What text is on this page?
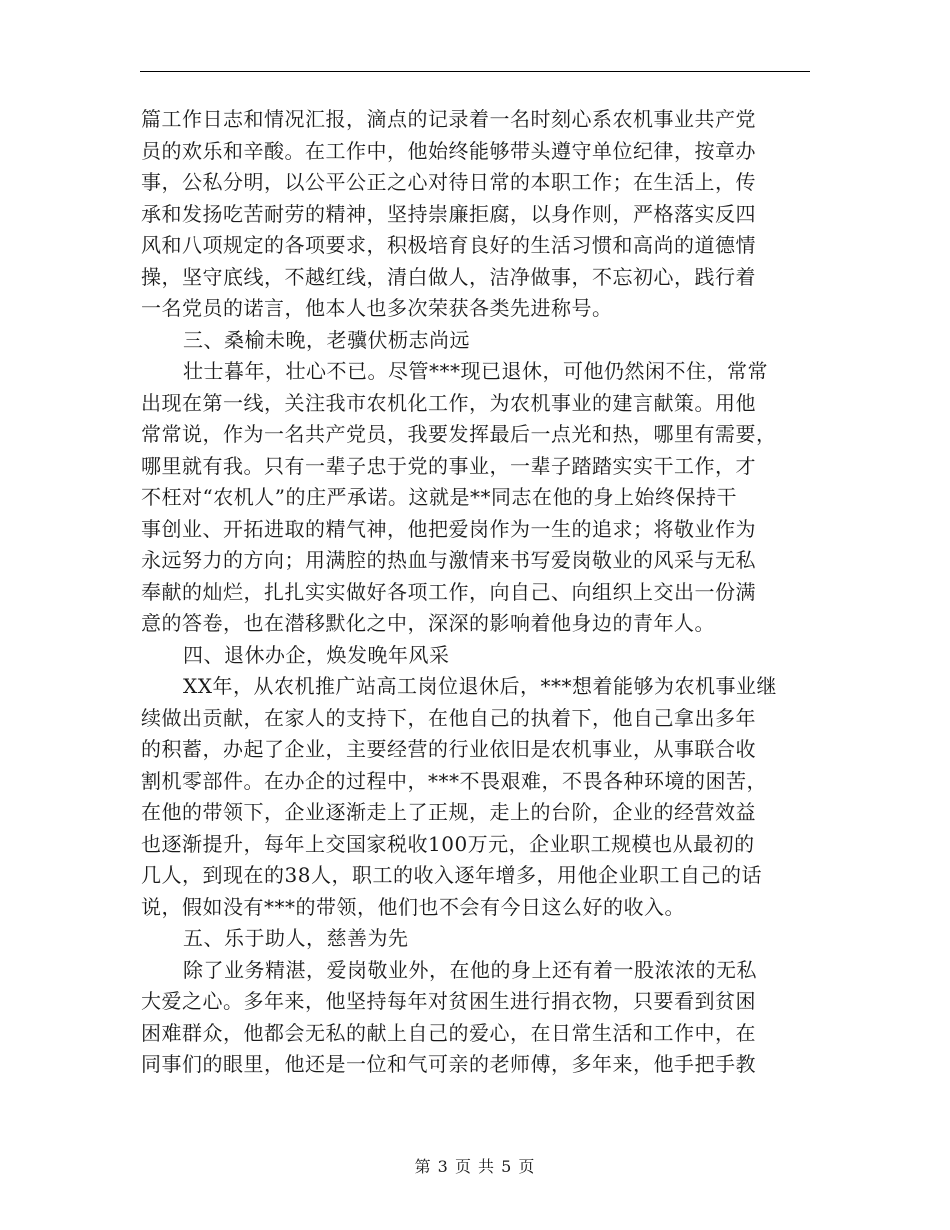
篇工作日志和情况汇报，滴点的记录着一名时刻心系农机事业共产党
员的欢乐和辛酸。在工作中，他始终能够带头遵守单位纪律，按章办
事，公私分明，以公平公正之心对待日常的本职工作；在生活上，传
承和发扬吃苦耐劳的精神，坚持崇廉拒腐，以身作则，严格落实反四
风和八项规定的各项要求，积极培育良好的生活习惯和高尚的道德情
操，坚守底线，不越红线，清白做人，洁净做事，不忘初心，践行着
一名党员的诺言，他本人也多次荣获各类先进称号。
三、桑榆未晚，老骥伏枥志尚远
壮士暮年，壮心不已。尽管***现已退休，可他仍然闲不住，常常
出现在第一线，关注我市农机化工作，为农机事业的建言献策。用他
常常说，作为一名共产党员，我要发挥最后一点光和热，哪里有需要，
哪里就有我。只有一辈子忠于党的事业，一辈子踏踏实实干工作，才
不枉对“农机人”的庄严承诺。这就是**同志在他的身上始终保持干
事创业、开拓进取的精气神，他把爱岗作为一生的追求；将敬业作为
永远努力的方向；用满腔的热血与激情来书写爱岗敬业的风采与无私
奉献的灿烂，扎扎实实做好各项工作，向自己、向组织上交出一份满
意的答卷，也在潜移默化之中，深深的影响着他身边的青年人。
四、退休办企，焕发晚年风采
XX年，从农机推广站高工岗位退休后，***想着能够为农机事业继
续做出贡献，在家人的支持下，在他自己的执着下，他自己拿出多年
的积蓄，办起了企业，主要经营的行业依旧是农机事业，从事联合收
割机零部件。在办企的过程中，***不畏艰难，不畏各种环境的困苦，
在他的带领下，企业逐渐走上了正规，走上的台阶，企业的经营效益
也逐渐提升，每年上交国家税收100万元，企业职工规模也从最初的
几人，到现在的38人，职工的收入逐年增多，用他企业职工自己的话
说，假如没有***的带领，他们也不会有今日这么好的收入。
五、乐于助人，慈善为先
除了业务精湛，爱岗敬业外，在他的身上还有着一股浓浓的无私
大爱之心。多年来，他坚持每年对贫困生进行捐衣物，只要看到贫困
困难群众，他都会无私的献上自己的爱心，在日常生活和工作中，在
同事们的眼里，他还是一位和气可亲的老师傅，多年来，他手把手教
第 3 页 共 5 页
